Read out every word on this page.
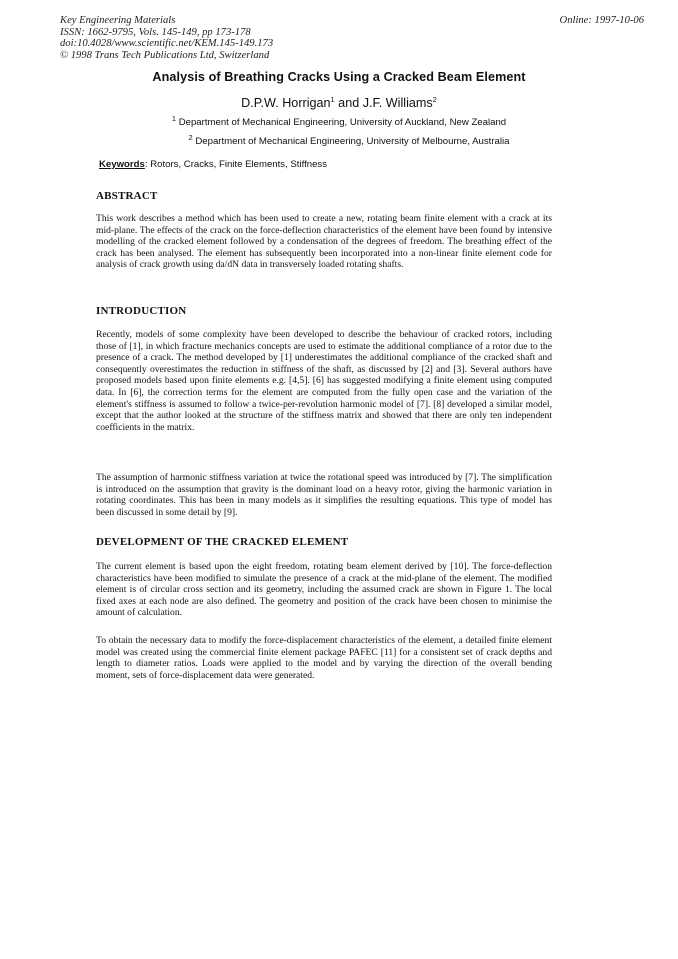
Key Engineering Materials
ISSN: 1662-9795, Vols. 145-149, pp 173-178
doi:10.4028/www.scientific.net/KEM.145-149.173
© 1998 Trans Tech Publications Ltd, Switzerland
Online: 1997-10-06
Analysis of Breathing Cracks Using a Cracked Beam Element
D.P.W. Horrigan$^1$ and J.F. Williams$^2$
$^1$ Department of Mechanical Engineering, University of Auckland, New Zealand
$^2$ Department of Mechanical Engineering, University of Melbourne, Australia
Keywords: Rotors, Cracks, Finite Elements, Stiffness
ABSTRACT
This work describes a method which has been used to create a new, rotating beam finite element with a crack at its mid-plane. The effects of the crack on the force-deflection characteristics of the element have been found by intensive modelling of the cracked element followed by a condensation of the degrees of freedom. The breathing effect of the crack has been analysed. The element has subsequently been incorporated into a non-linear finite element code for analysis of crack growth using da/dN data in transversely loaded rotating shafts.
INTRODUCTION
Recently, models of some complexity have been developed to describe the behaviour of cracked rotors, including those of [1], in which fracture mechanics concepts are used to estimate the additional compliance of a rotor due to the presence of a crack. The method developed by [1] underestimates the additional compliance of the cracked shaft and consequently overestimates the reduction in stiffness of the shaft, as discussed by [2] and [3]. Several authors have proposed models based upon finite elements e.g. [4,5]. [6] has suggested modifying a finite element using computed data. In [6], the correction terms for the element are computed from the fully open case and the variation of the element's stiffness is assumed to follow a twice-per-revolution harmonic model of [7]. [8] developed a similar model, except that the author looked at the structure of the stiffness matrix and showed that there are only ten independent coefficients in the matrix.
The assumption of harmonic stiffness variation at twice the rotational speed was introduced by [7]. The simplification is introduced on the assumption that gravity is the dominant load on a heavy rotor, giving the harmonic variation in rotating coordinates. This has been in many models as it simplifies the resulting equations. This type of model has been discussed in some detail by [9].
DEVELOPMENT OF THE CRACKED ELEMENT
The current element is based upon the eight freedom, rotating beam element derived by [10]. The force-deflection characteristics have been modified to simulate the presence of a crack at the mid-plane of the element. The modified element is of circular cross section and its geometry, including the assumed crack are shown in Figure 1. The local fixed axes at each node are also defined. The geometry and position of the crack have been chosen to minimise the amount of calculation.
To obtain the necessary data to modify the force-displacement characteristics of the element, a detailed finite element model was created using the commercial finite element package PAFEC [11] for a consistent set of crack depths and length to diameter ratios. Loads were applied to the model and by varying the direction of the overall bending moment, sets of force-displacement data were generated.
